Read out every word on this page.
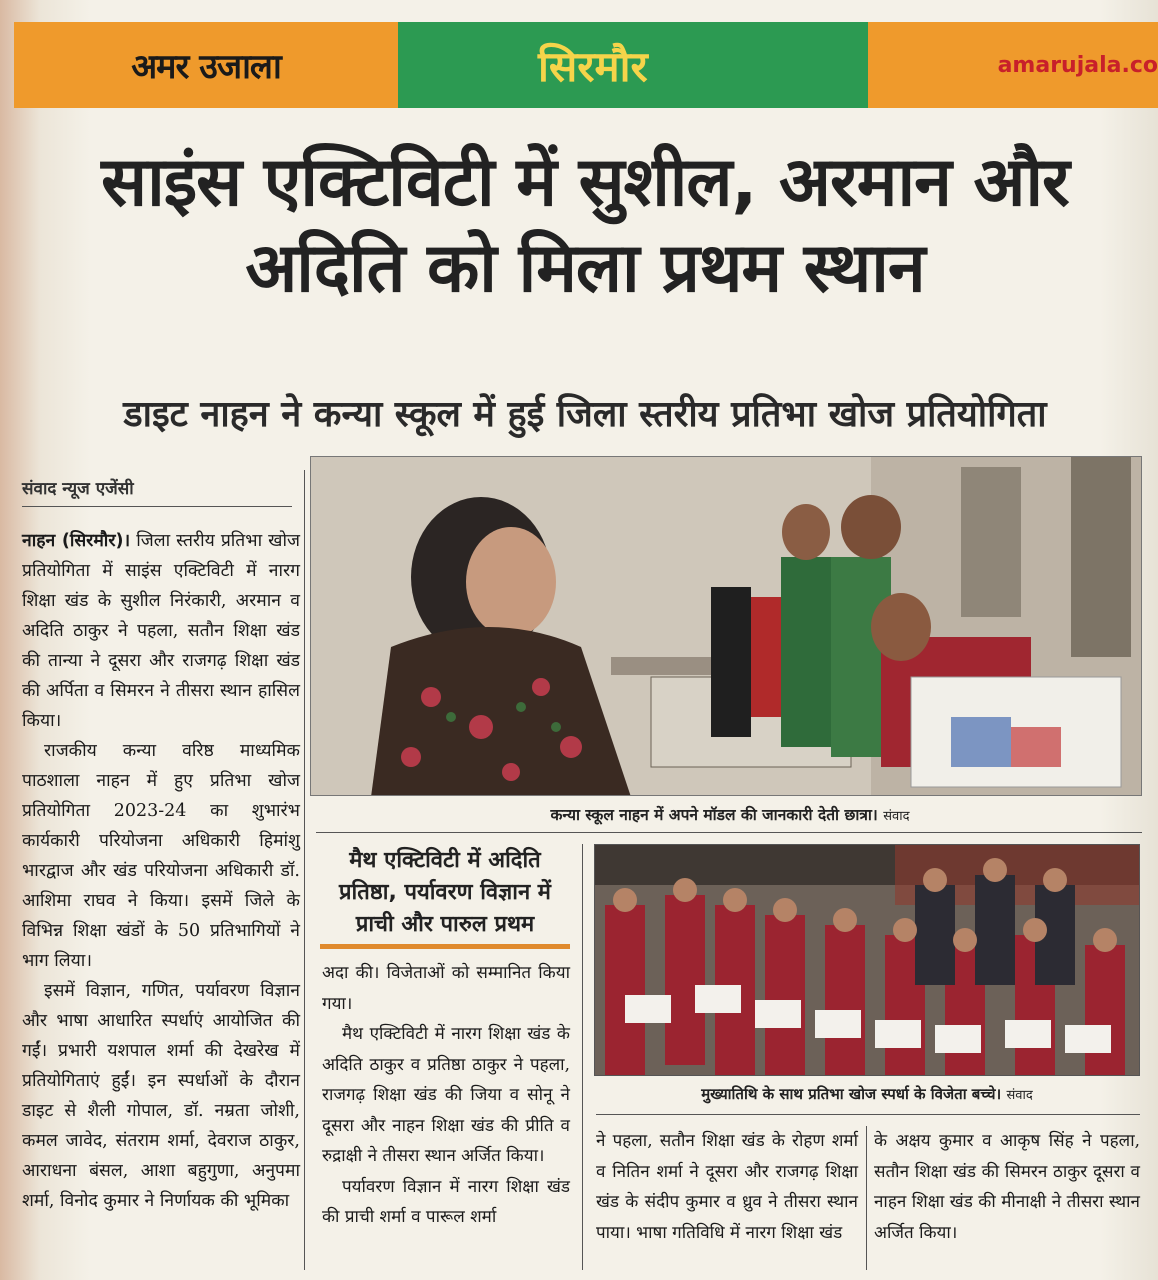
अमर उजाला	सिरमौर	amarujala.co
साइंस एक्टिविटी में सुशील, अरमान और अदिति को मिला प्रथम स्थान
डाइट नाहन ने कन्या स्कूल में हुई जिला स्तरीय प्रतिभा खोज प्रतियोगिता
संवाद न्यूज एजेंसी

नाहन (सिरमौर)। जिला स्तरीय प्रतिभा खोज प्रतियोगिता में साइंस एक्टिविटी में नारग शिक्षा खंड के सुशील निरंकारी, अरमान व अदिति ठाकुर ने पहला, सतौन शिक्षा खंड की तान्या ने दूसरा और राजगढ़ शिक्षा खंड की अर्पिता व सिमरन ने तीसरा स्थान हासिल किया।

राजकीय कन्या वरिष्ठ माध्यमिक पाठशाला नाहन में हुए प्रतिभा खोज प्रतियोगिता 2023-24 का शुभारंभ कार्यकारी परियोजना अधिकारी हिमांशु भारद्वाज और खंड परियोजना अधिकारी डॉ. आशिमा राघव ने किया। इसमें जिले के विभिन्न शिक्षा खंडों के 50 प्रतिभागियों ने भाग लिया।

इसमें विज्ञान, गणित, पर्यावरण विज्ञान और भाषा आधारित स्पर्धाएं आयोजित की गईं। प्रभारी यशपाल शर्मा की देखरेख में प्रतियोगिताएं हुईं। इन स्पर्धाओं के दौरान डाइट से शैली गोपाल, डॉ. नम्रता जोशी, कमल जावेद, संतराम शर्मा, देवराज ठाकुर, आराधना बंसल, आशा बहुगुणा, अनुपमा शर्मा, विनोद कुमार ने निर्णायक की भूमिका

कन्या स्कूल नाहन में अपने मॉडल की जानकारी देती छात्रा। संवाद
मैथ एक्टिविटी में अदिति प्रतिष्ठा, पर्यावरण विज्ञान में प्राची और पारुल प्रथम

अदा की। विजेताओं को सम्मानित किया गया।

मैथ एक्टिविटी में नारग शिक्षा खंड के अदिति ठाकुर व प्रतिष्ठा ठाकुर ने पहला, राजगढ़ शिक्षा खंड की जिया व सोनू ने दूसरा और नाहन शिक्षा खंड की प्रीति व रुद्राक्षी ने तीसरा स्थान अर्जित किया।

पर्यावरण विज्ञान में नारग शिक्षा खंड की प्राची शर्मा व पारूल शर्मा

मुख्यातिथि के साथ प्रतिभा खोज स्पर्धा के विजेता बच्चे। संवाद
ने पहला, सतौन शिक्षा खंड के रोहण शर्मा व नितिन शर्मा ने दूसरा और राजगढ़ शिक्षा खंड के संदीप कुमार व ध्रुव ने तीसरा स्थान पाया। भाषा गतिविधि में नारग शिक्षा खंड
के अक्षय कुमार व आकृष सिंह ने पहला, सतौन शिक्षा खंड की सिमरन ठाकुर दूसरा व नाहन शिक्षा खंड की मीनाक्षी ने तीसरा स्थान अर्जित किया।
